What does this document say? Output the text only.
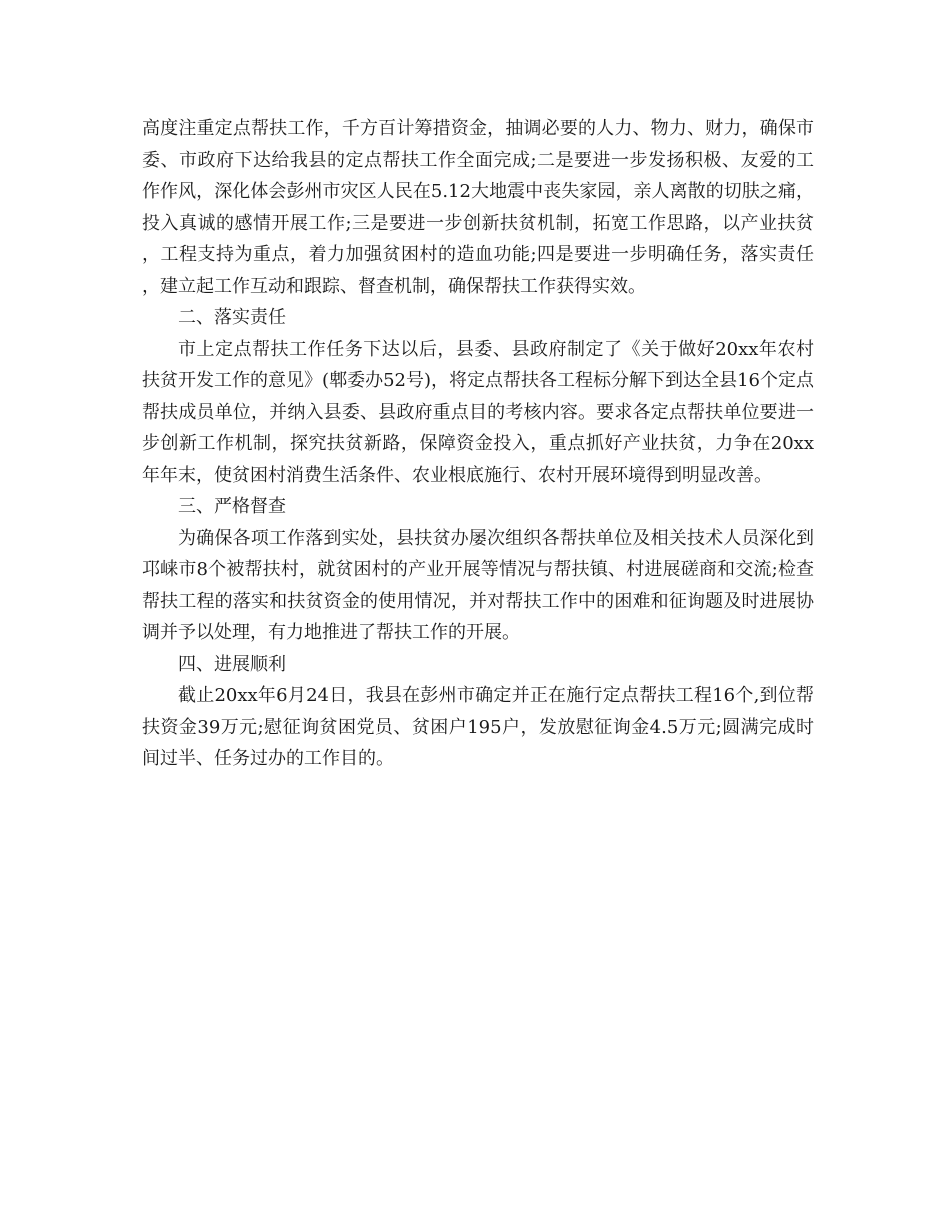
高度注重定点帮扶工作，千方百计筹措资金，抽调必要的人力、物力、财力，确保市委、市政府下达给我县的定点帮扶工作全面完成;二是要进一步发扬积极、友爱的工作作风，深化体会彭州市灾区人民在5.12大地震中丧失家园，亲人离散的切肤之痛，投入真诚的感情开展工作;三是要进一步创新扶贫机制，拓宽工作思路，以产业扶贫，工程支持为重点，着力加强贫困村的造血功能;四是要进一步明确任务，落实责任，建立起工作互动和跟踪、督查机制，确保帮扶工作获得实效。

二、落实责任

市上定点帮扶工作任务下达以后，县委、县政府制定了《关于做好20xx年农村扶贫开发工作的意见》(郫委办52号)，将定点帮扶各工程标分解下到达全县16个定点帮扶成员单位，并纳入县委、县政府重点目的考核内容。要求各定点帮扶单位要进一步创新工作机制，探究扶贫新路，保障资金投入，重点抓好产业扶贫，力争在20xx年年末，使贫困村消费生活条件、农业根底施行、农村开展环境得到明显改善。

三、严格督查

为确保各项工作落到实处，县扶贫办屡次组织各帮扶单位及相关技术人员深化到邛崃市8个被帮扶村，就贫困村的产业开展等情况与帮扶镇、村进展磋商和交流;检查帮扶工程的落实和扶贫资金的使用情况，并对帮扶工作中的困难和征询题及时进展协调并予以处理，有力地推进了帮扶工作的开展。

四、进展顺利

截止20xx年6月24日，我县在彭州市确定并正在施行定点帮扶工程16个,到位帮扶资金39万元;慰征询贫困党员、贫困户195户，发放慰征询金4.5万元;圆满完成时间过半、任务过办的工作目的。
